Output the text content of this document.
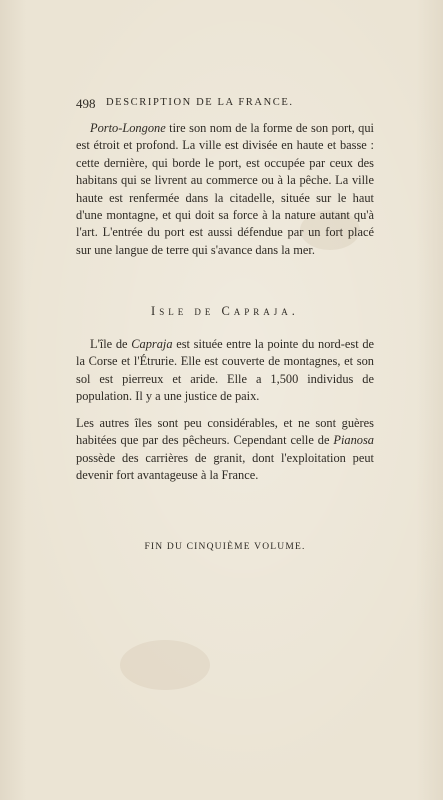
498 DESCRIPTION DE LA FRANCE.

Porto-Longone tire son nom de la forme de son port, qui est étroit et profond. La ville est divisée en haute et basse : cette dernière, qui borde le port, est occupée par ceux des habitans qui se livrent au commerce ou à la pêche. La ville haute est renfermée dans la citadelle, située sur le haut d'une montagne, et qui doit sa force à la nature autant qu'à l'art. L'entrée du port est aussi défendue par un fort placé sur une langue de terre qui s'avance dans la mer.

Isle de Capraja.

L'île de Capraja est située entre la pointe du nord-est de la Corse et l'Étrurie. Elle est couverte de montagnes, et son sol est pierreux et aride. Elle a 1,500 individus de population. Il y a une justice de paix.

Les autres îles sont peu considérables, et ne sont guères habitées que par des pêcheurs. Cependant celle de Pianosa possède des carrières de granit, dont l'exploitation peut devenir fort avantageuse à la France.

FIN DU CINQUIÈME VOLUME.
